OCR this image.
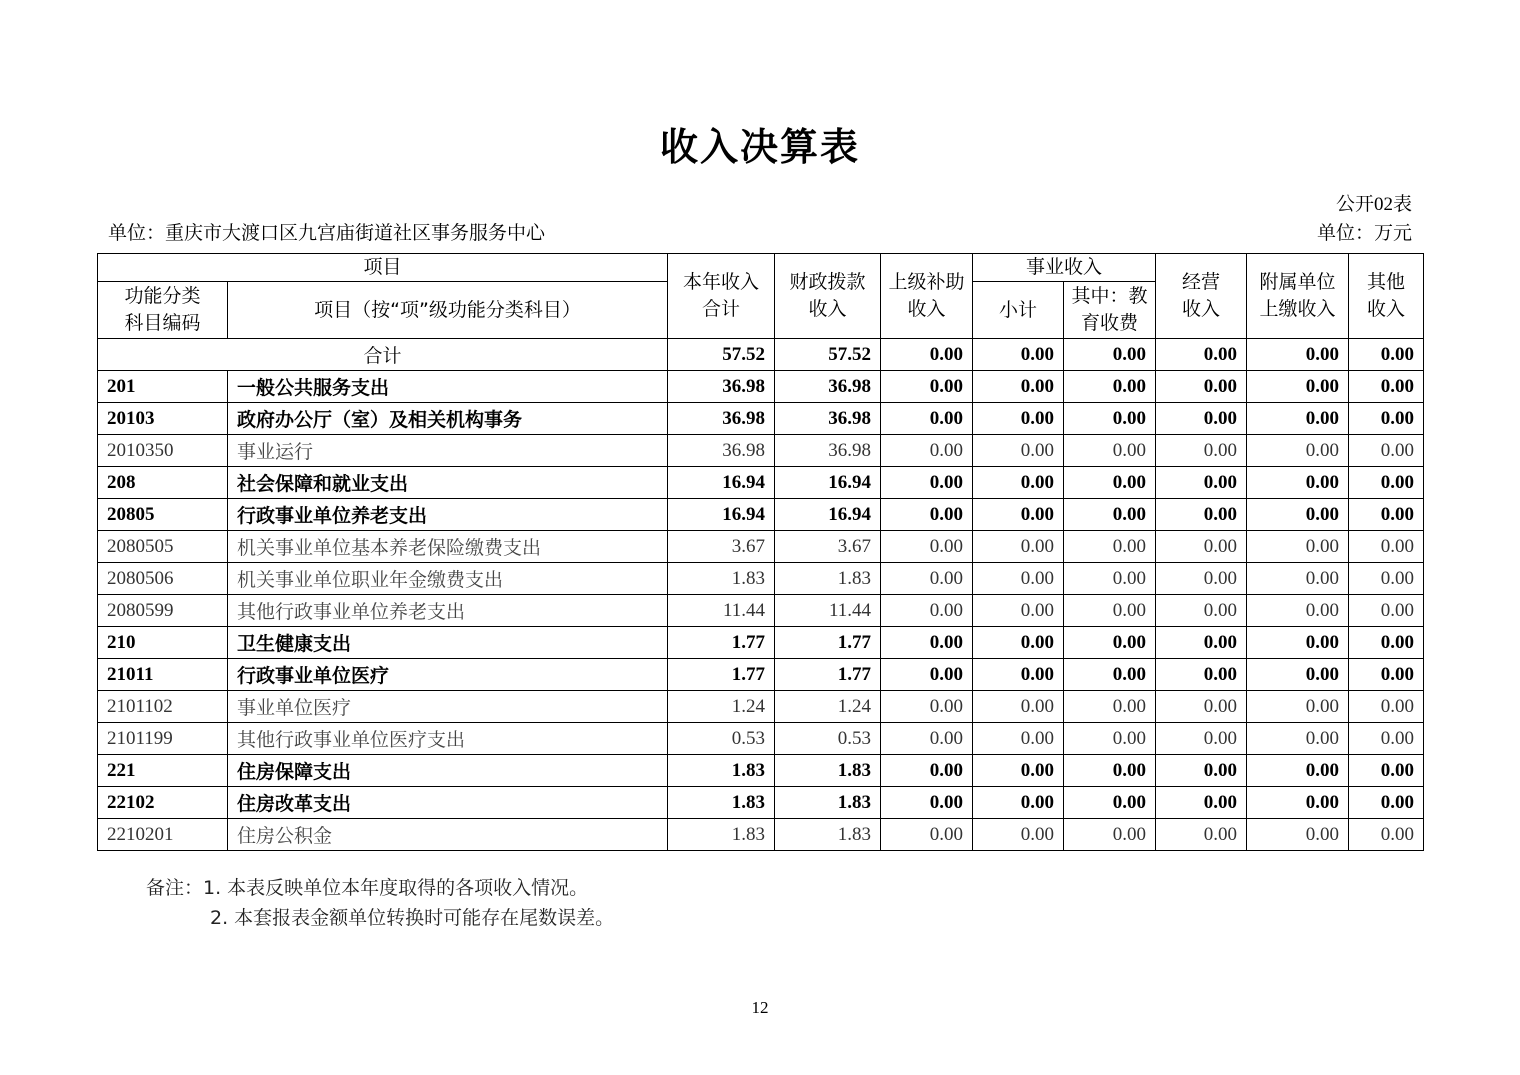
收入决算表
公开02表
单位：重庆市大渡口区九宫庙街道社区事务服务中心	单位：万元
项目		本年收入合计	财政拨款收入	上级补助收入	事业收入		经营收入	附属单位上缴收入	其他收入

功能分类科目编码	项目（按“项”级功能分类科目）				小计	其中：教育收费			

合计		57.52	57.52	0.00	0.00	0.00	0.00	0.00	0.00
201	一般公共服务支出	36.98	36.98	0.00	0.00	0.00	0.00	0.00	0.00
20103	政府办公厅（室）及相关机构事务	36.98	36.98	0.00	0.00	0.00	0.00	0.00	0.00
2010350	事业运行	36.98	36.98	0.00	0.00	0.00	0.00	0.00	0.00
208	社会保障和就业支出	16.94	16.94	0.00	0.00	0.00	0.00	0.00	0.00
20805	行政事业单位养老支出	16.94	16.94	0.00	0.00	0.00	0.00	0.00	0.00
2080505	机关事业单位基本养老保险缴费支出	3.67	3.67	0.00	0.00	0.00	0.00	0.00	0.00
2080506	机关事业单位职业年金缴费支出	1.83	1.83	0.00	0.00	0.00	0.00	0.00	0.00
2080599	其他行政事业单位养老支出	11.44	11.44	0.00	0.00	0.00	0.00	0.00	0.00
210	卫生健康支出	1.77	1.77	0.00	0.00	0.00	0.00	0.00	0.00
21011	行政事业单位医疗	1.77	1.77	0.00	0.00	0.00	0.00	0.00	0.00
2101102	事业单位医疗	1.24	1.24	0.00	0.00	0.00	0.00	0.00	0.00
2101199	其他行政事业单位医疗支出	0.53	0.53	0.00	0.00	0.00	0.00	0.00	0.00
221	住房保障支出	1.83	1.83	0.00	0.00	0.00	0.00	0.00	0.00
22102	住房改革支出	1.83	1.83	0.00	0.00	0.00	0.00	0.00	0.00
2210201	住房公积金	1.83	1.83	0.00	0.00	0.00	0.00	0.00	0.00
备注：1. 本表反映单位本年度取得的各项收入情况。
2. 本套报表金额单位转换时可能存在尾数误差。
12
